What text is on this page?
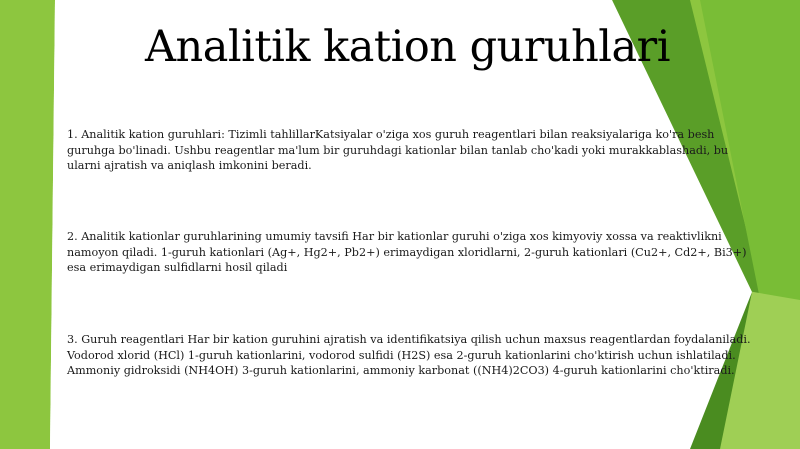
Analitik kation guruhlari
1. Analitik kation guruhlari: Tizimli tahlillarKatsiyalar o'ziga xos guruh reagentlari bilan reaksiyalariga ko'ra besh guruhga bo'linadi. Ushbu reagentlar ma'lum bir guruhdagi kationlar bilan tanlab cho'kadi yoki murakkablashadi, bu ularni ajratish va aniqlash imkonini beradi.
2. Analitik kationlar guruhlarining umumiy tavsifi Har bir kationlar guruhi o'ziga xos kimyoviy xossa va reaktivlikni namoyon qiladi. 1-guruh kationlari (Ag+, Hg2+, Pb2+) erimaydigan xloridlarni, 2-guruh kationlari (Cu2+, Cd2+, Bi3+) esa erimaydigan sulfidlarni hosil qiladi
3. Guruh reagentlari Har bir kation guruhini ajratish va identifikatsiya qilish uchun maxsus reagentlardan foydalaniladi. Vodorod xlorid (HCl) 1-guruh kationlarini, vodorod sulfidi (H2S) esa 2-guruh kationlarini cho'ktirish uchun ishlatiladi. Ammoniy gidroksidi (NH4OH) 3-guruh kationlarini, ammoniy karbonat ((NH4)2CO3) 4-guruh kationlarini cho'ktiradi.
